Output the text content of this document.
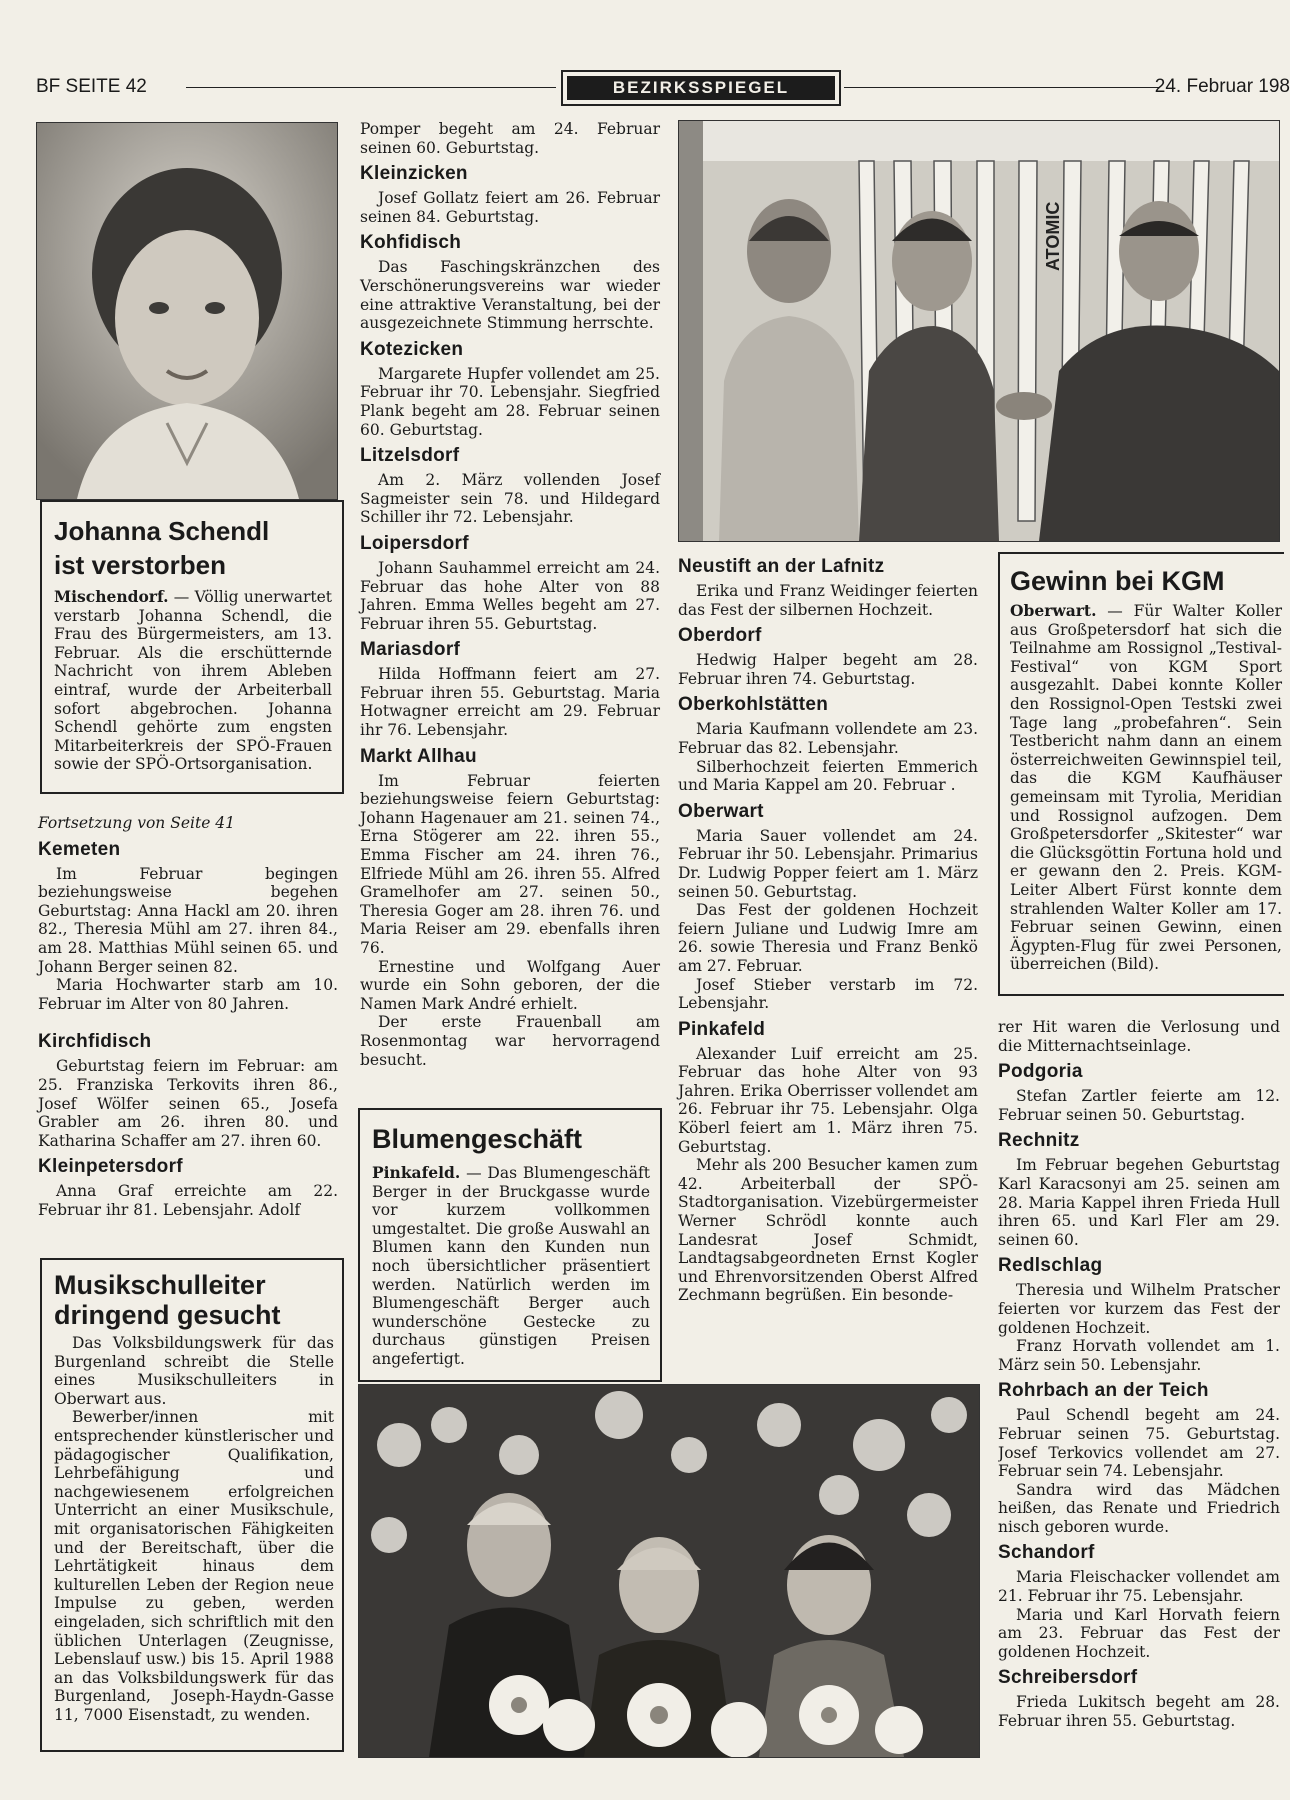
BF SEITE 42	BEZIRKSSPIEGEL	24. Februar 198
Johanna Schendl
ist verstorben

Mischendorf. — Völlig unerwartet verstarb Johanna Schendl, die Frau des Bürgermeisters, am 13. Februar. Als die erschütternde Nachricht von ihrem Ableben eintraf, wurde der Arbeiterball sofort abgebrochen. Johanna Schendl gehörte zum engsten Mitarbeiterkreis der SPÖ-Frauen sowie der SPÖ-Ortsorganisation.

Fortsetzung von Seite 41

Kemeten

Im Februar begingen beziehungsweise begehen Geburtstag: Anna Hackl am 20. ihren 82., Theresia Mühl am 27. ihren 84., am 28. Matthias Mühl seinen 65. und Johann Berger seinen 82.

Maria Hochwarter starb am 10. Februar im Alter von 80 Jahren.

Kirchfidisch

Geburtstag feiern im Februar: am 25. Franziska Terkovits ihren 86., Josef Wölfer seinen 65., Josefa Grabler am 26. ihren 80. und Katharina Schaffer am 27. ihren 60.

Kleinpetersdorf

Anna Graf erreichte am 22. Februar ihr 81. Lebensjahr. Adolf

Musikschulleiter
dringend gesucht

Das Volksbildungswerk für das Burgenland schreibt die Stelle eines Musikschulleiters in Oberwart aus.

Bewerber/innen mit entsprechender künstlerischer und pädagogischer Qualifikation, Lehrbefähigung und nachgewiesenem erfolgreichen Unterricht an einer Musikschule, mit organisatorischen Fähigkeiten und der Bereitschaft, über die Lehrtätigkeit hinaus dem kulturellen Leben der Region neue Impulse zu geben, werden eingeladen, sich schriftlich mit den üblichen Unterlagen (Zeugnisse, Lebenslauf usw.) bis 15. April 1988 an das Volksbildungswerk für das Burgenland, Joseph-Haydn-Gasse 11, 7000 Eisenstadt, zu wenden.

Pomper begeht am 24. Februar seinen 60. Geburtstag.

Kleinzicken

Josef Gollatz feiert am 26. Februar seinen 84. Geburtstag.

Kohfidisch

Das Faschingskränzchen des Verschönerungsvereins war wieder eine attraktive Veranstaltung, bei der ausgezeichnete Stimmung herrschte.

Kotezicken

Margarete Hupfer vollendet am 25. Februar ihr 70. Lebensjahr. Siegfried Plank begeht am 28. Februar seinen 60. Geburtstag.

Litzelsdorf

Am 2. März vollenden Josef Sagmeister sein 78. und Hildegard Schiller ihr 72. Lebensjahr.

Loipersdorf

Johann Sauhammel erreicht am 24. Februar das hohe Alter von 88 Jahren. Emma Welles begeht am 27. Februar ihren 55. Geburtstag.

Mariasdorf

Hilda Hoffmann feiert am 27. Februar ihren 55. Geburtstag. Maria Hotwagner erreicht am 29. Februar ihr 76. Lebensjahr.

Markt Allhau

Im Februar feierten beziehungsweise feiern Geburtstag: Johann Hagenauer am 21. seinen 74., Erna Stögerer am 22. ihren 55., Emma Fischer am 24. ihren 76., Elfriede Mühl am 26. ihren 55. Alfred Gramelhofer am 27. seinen 50., Theresia Goger am 28. ihren 76. und Maria Reiser am 29. ebenfalls ihren 76.

Ernestine und Wolfgang Auer wurde ein Sohn geboren, der die Namen Mark André erhielt.

Der erste Frauenball am Rosenmontag war hervorragend besucht.

Blumengeschäft

Pinkafeld. — Das Blumengeschäft Berger in der Bruckgasse wurde vor kurzem vollkommen umgestaltet. Die große Auswahl an Blumen kann den Kunden nun noch übersichtlicher präsentiert werden. Natürlich werden im Blumengeschäft Berger auch wunderschöne Gestecke zu durchaus günstigen Preisen angefertigt.

ATOMIC
Neustift an der Lafnitz

Erika und Franz Weidinger feierten das Fest der silbernen Hochzeit.

Oberdorf

Hedwig Halper begeht am 28. Februar ihren 74. Geburtstag.

Oberkohlstätten

Maria Kaufmann vollendete am 23. Februar das 82. Lebensjahr.

Silberhochzeit feierten Emmerich und Maria Kappel am 20. Februar .

Oberwart

Maria Sauer vollendet am 24. Februar ihr 50. Lebensjahr. Primarius Dr. Ludwig Popper feiert am 1. März seinen 50. Geburtstag.

Das Fest der goldenen Hochzeit feiern Juliane und Ludwig Imre am 26. sowie Theresia und Franz Benkö am 27. Februar.

Josef Stieber verstarb im 72. Lebensjahr.

Pinkafeld

Alexander Luif erreicht am 25. Februar das hohe Alter von 93 Jahren. Erika Oberrisser vollendet am 26. Februar ihr 75. Lebensjahr. Olga Köberl feiert am 1. März ihren 75. Geburtstag.

Mehr als 200 Besucher kamen zum 42. Arbeiterball der SPÖ-Stadtorganisation. Vizebürgermeister Werner Schrödl konnte auch Landesrat Josef Schmidt, Landtagsabgeordneten Ernst Kogler und Ehrenvorsitzenden Oberst Alfred Zechmann begrüßen. Ein besonde-

Gewinn bei KGM

Oberwart. — Für Walter Koller aus Großpetersdorf hat sich die Teilnahme am Rossignol „Testival-Festival“ von KGM Sport ausgezahlt. Dabei konnte Koller den Rossignol-Open Testski zwei Tage lang „probefahren“. Sein Testbericht nahm dann an einem österreichweiten Gewinnspiel teil, das die KGM Kaufhäuser gemeinsam mit Tyrolia, Meridian und Rossignol aufzogen. Dem Großpetersdorfer „Skitester“ war die Glücksgöttin Fortuna hold und er gewann den 2. Preis. KGM-Leiter Albert Fürst konnte dem strahlenden Walter Koller am 17. Februar seinen Gewinn, einen Ägypten-Flug für zwei Personen, überreichen (Bild).

rer Hit waren die Verlosung und die Mitternachtseinlage.

Podgoria

Stefan Zartler feierte am 12. Februar seinen 50. Geburtstag.

Rechnitz

Im Februar begehen Geburtstag Karl Karacsonyi am 25. seinen am 28. Maria Kappel ihren Frieda Hull ihren 65. und Karl Fler am 29. seinen 60.

Redlschlag

Theresia und Wilhelm Pratscher feierten vor kurzem das Fest der goldenen Hochzeit.

Franz Horvath vollendet am 1. März sein 50. Lebensjahr.

Rohrbach an der Teich

Paul Schendl begeht am 24. Februar seinen 75. Geburtstag. Josef Terkovics vollendet am 27. Februar sein 74. Lebensjahr.

Sandra wird das Mädchen heißen, das Renate und Friedrich nisch geboren wurde.

Schandorf

Maria Fleischacker vollendet am 21. Februar ihr 75. Lebensjahr.

Maria und Karl Horvath feiern am 23. Februar das Fest der goldenen Hochzeit.

Schreibersdorf

Frieda Lukitsch begeht am 28. Februar ihren 55. Geburtstag.
